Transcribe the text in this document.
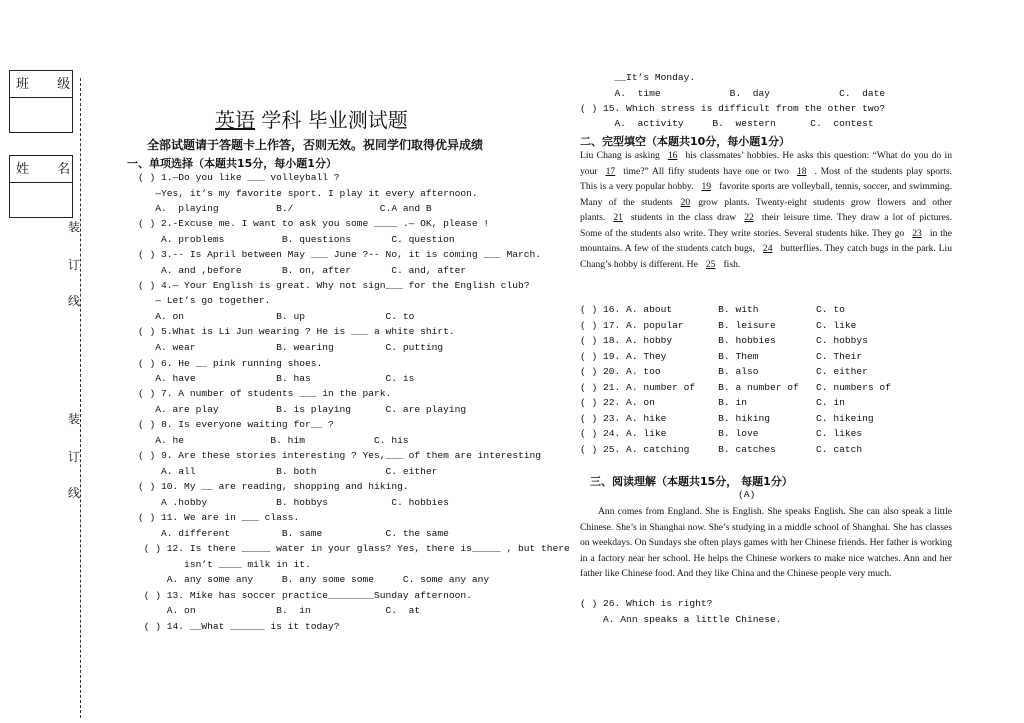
班 级
姓 名
装
订
线
装
订
线
英语 学科 毕业测试题
全部试题请于答题卡上作答，否则无效。祝同学们取得优异成绩
一、单项选择（本题共15分，每小题1分）
( ) 1.—Do you like ___ volleyball ?
—Yes, it’s my favorite sport. I play it every afternoon.
A.  playing          B./               C.A and B
( ) 2.-Excuse me. I want to ask you some ____ .— OK, please !
A. problems          B. questions       C. question
( ) 3.-- Is April between May ___ June ?-- No, it is coming ___ March.
A. and ,before       B. on, after       C. and, after
( ) 4.— Your English is great. Why not sign___ for the English club?
— Let’s go together.
A. on                B. up              C. to
( ) 5.What is Li Jun wearing ? He is ___ a white shirt.
A. wear              B. wearing         C. putting
( ) 6. He __ pink running shoes.
A. have              B. has             C. is
( ) 7. A number of students ___ in the park.
A. are play          B. is playing      C. are playing
( ) 8. Is everyone waiting for__ ?
A. he               B. him            C. his
( ) 9. Are these stories interesting ? Yes,___ of them are interesting
A. all              B. both            C. either
( ) 10. My __ are reading, shopping and hiking.
A .hobby            B. hobbys           C. hobbies
( ) 11. We are in ___ class.
A. different         B. same           C. the same
( ) 12. Is there _____ water in your glass? Yes, there is_____ , but there
isn’t ____ milk in it.
A. any some any     B. any some some     C. some any any
( ) 13. Mike has soccer practice________Sunday afternoon.
A. on              B.  in             C.  at
( ) 14. __What ______ is it today?
__It’s Monday.
A.  time            B.  day            C.  date
( ) 15. Which stress is difficult from the other two?
A.  activity     B.  western      C.  contest
二、完型填空（本题共10分，每小题1分）
Liu Chang is asking 16 his classmates’ hobbies. He asks this question: “What do you do in your 17 time?” All fifty students have one or two 18 . Most of the students play sports. This is a very popular hobby. 19 favorite sports are volleyball, tennis, soccer, and swimming. Many of the students 20 grow plants. Twenty-eight students grow flowers and other plants. 21 students in the class draw 22 their leisure time. They draw a lot of pictures. Some of the students also write. They write stories. Several students hike. They go 23 in the mountains. A few of the students catch bugs, 24 butterflies. They catch bugs in the park. Liu Chang’s hobby is different. He 25 fish.
( ) 16. A. about        B. with          C. to
( ) 17. A. popular      B. leisure       C. like
( ) 18. A. hobby        B. hobbies       C. hobbys
( ) 19. A. They         B. Them          C. Their
( ) 20. A. too          B. also          C. either
( ) 21. A. number of    B. a number of   C. numbers of
( ) 22. A. on           B. in            C. in
( ) 23. A. hike         B. hiking        C. hikeing
( ) 24. A. like         B. love          C. likes
( ) 25. A. catching     B. catches       C. catch
三、阅读理解（本题共15分， 每题1分）
(A)
Ann comes from England. She is English. She speaks English. She can also speak a little Chinese. She’s in Shanghai now. She’s studying in a middle school of Shanghai. She has classes on weekdays. On Sundays she often plays games with her Chinese friends. Her father is working in a factory near her school. He helps the Chinese workers to make nice watches. Ann and her father like Chinese food. And they like China and the Chinese people very much.
( ) 26. Which is right?
A. Ann speaks a little Chinese.
